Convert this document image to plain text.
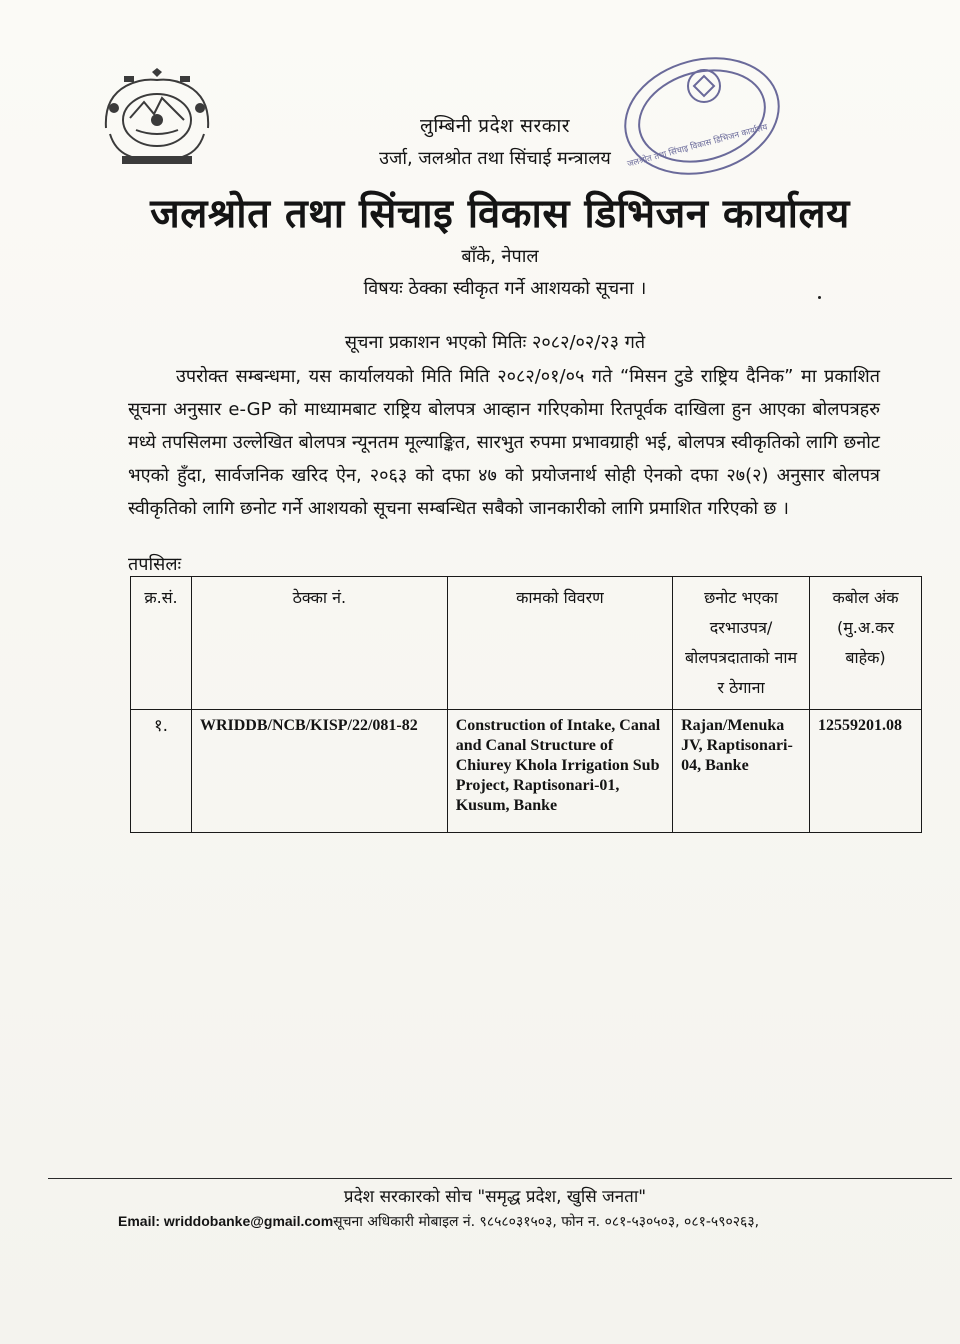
जलश्रोत तथा सिंचाइ विकास डिभिजन कार्यालय
लुम्बिनी प्रदेश सरकार
उर्जा, जलश्रोत तथा सिंचाई मन्त्रालय
जलश्रोत तथा सिंचाइ विकास डिभिजन कार्यालय
बाँके, नेपाल
विषयः ठेक्का स्वीकृत गर्ने आशयको सूचना ।
सूचना प्रकाशन भएको मितिः २०८२/०२/२३ गते
उपरोक्त सम्बन्धमा, यस कार्यालयको मिति मिति २०८२/०१/०५ गते “मिसन टुडे राष्ट्रिय दैनिक” मा प्रकाशित सूचना अनुसार e-GP को माध्यामबाट राष्ट्रिय बोलपत्र आव्हान गरिएकोमा रितपूर्वक दाखिला हुन आएका बोलपत्रहरु मध्ये तपसिलमा उल्लेखित बोलपत्र न्यूनतम मूल्याङ्कित, सारभुत रुपमा प्रभावग्राही भई, बोलपत्र स्वीकृतिको लागि छनोट भएको हुँदा, सार्वजनिक खरिद ऐन, २०६३ को दफा ४७ को प्रयोजनार्थ सोही ऐनको दफा २७(२) अनुसार बोलपत्र स्वीकृतिको लागि छनोट गर्ने आशयको सूचना सम्बन्धित सबैको जानकारीको लागि प्रमाशित गरिएको छ ।
तपसिलः
क्र.सं.	ठेक्का नं.	कामको विवरण	छनोट भएका दरभाउपत्र/बोलपत्रदाताको नाम र ठेगाना	कबोल अंक (मु.अ.कर बाहेक)
१.	WRIDDB/NCB/KISP/22/081-82	Construction of Intake, Canal and Canal Structure of Chiurey Khola Irrigation Sub Project, Raptisonari-01, Kusum, Banke	Rajan/Menuka JV, Raptisonari-04, Banke	12559201.08
प्रदेश सरकारको सोच "समृद्ध प्रदेश, खुसि जनता"
Email: wriddobanke@gmail.comसूचना अधिकारी मोबाइल नं. ९८५८०३१५०३, फोन न. ०८१-५३०५०३, ०८१-५९०२६३,
